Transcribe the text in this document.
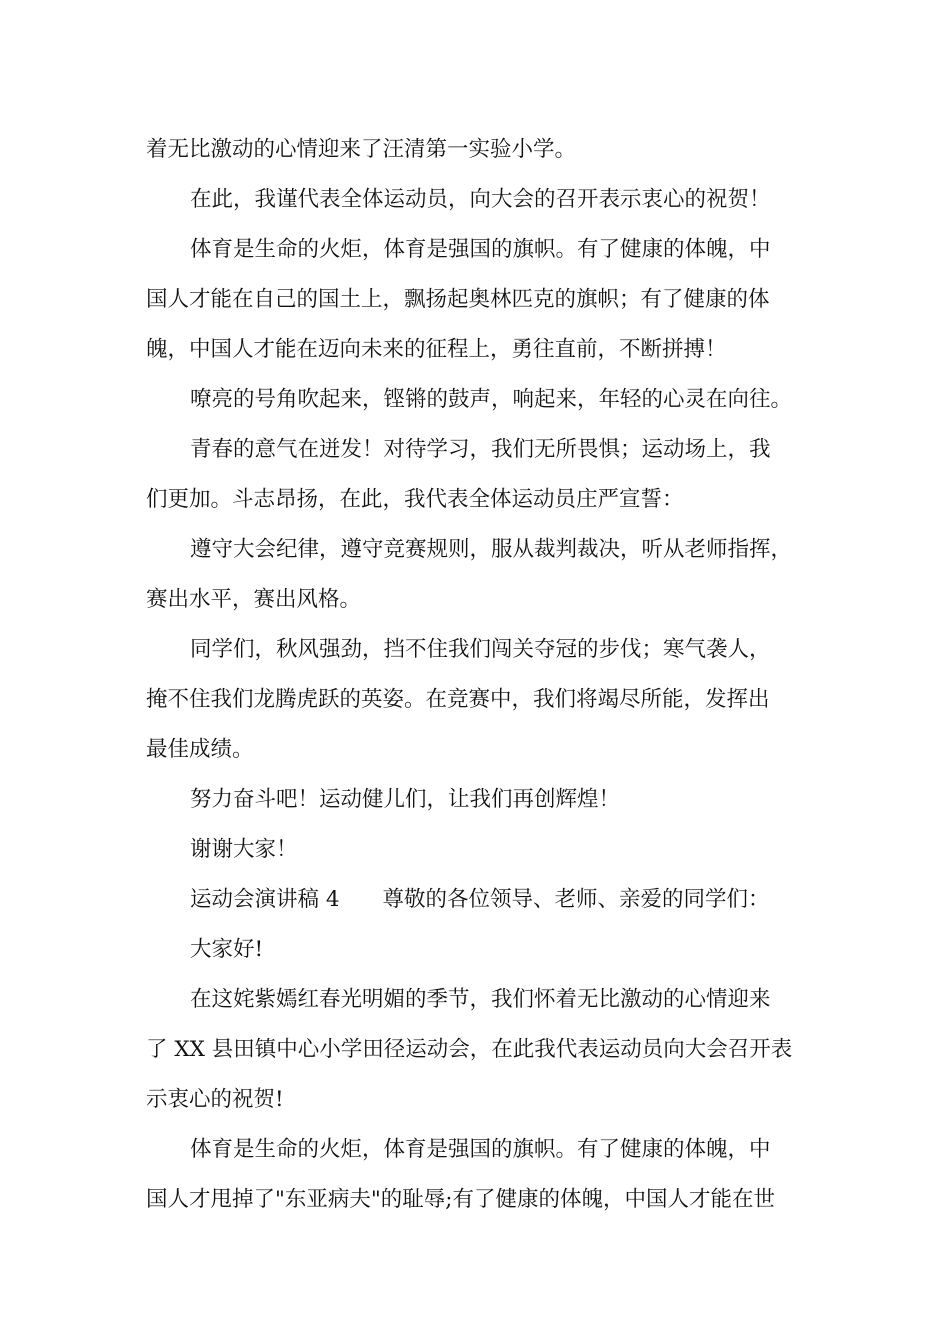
着无比激动的心情迎来了汪清第一实验小学。
在此，我谨代表全体运动员，向大会的召开表示衷心的祝贺！
体育是生命的火炬，体育是强国的旗帜。有了健康的体魄，中
国人才能在自己的国土上，飘扬起奥林匹克的旗帜；有了健康的体
魄，中国人才能在迈向未来的征程上，勇往直前，不断拼搏！
嘹亮的号角吹起来，铿锵的鼓声，响起来，年轻的心灵在向往。
青春的意气在迸发！对待学习，我们无所畏惧；运动场上，我
们更加。斗志昂扬，在此，我代表全体运动员庄严宣誓：
遵守大会纪律，遵守竞赛规则，服从裁判裁决，听从老师指挥，
赛出水平，赛出风格。
同学们，秋风强劲，挡不住我们闯关夺冠的步伐；寒气袭人，
掩不住我们龙腾虎跃的英姿。在竞赛中，我们将竭尽所能，发挥出
最佳成绩。
努力奋斗吧！运动健儿们，让我们再创辉煌！
谢谢大家！
运动会演讲稿 4　　尊敬的各位领导、老师、亲爱的同学们：
大家好!
在这姹紫嫣红春光明媚的季节，我们怀着无比激动的心情迎来
了 XX 县田镇中心小学田径运动会，在此我代表运动员向大会召开表
示衷心的祝贺!
体育是生命的火炬，体育是强国的旗帜。有了健康的体魄，中
国人才甩掉了"东亚病夫"的耻辱;有了健康的体魄，中国人才能在世
